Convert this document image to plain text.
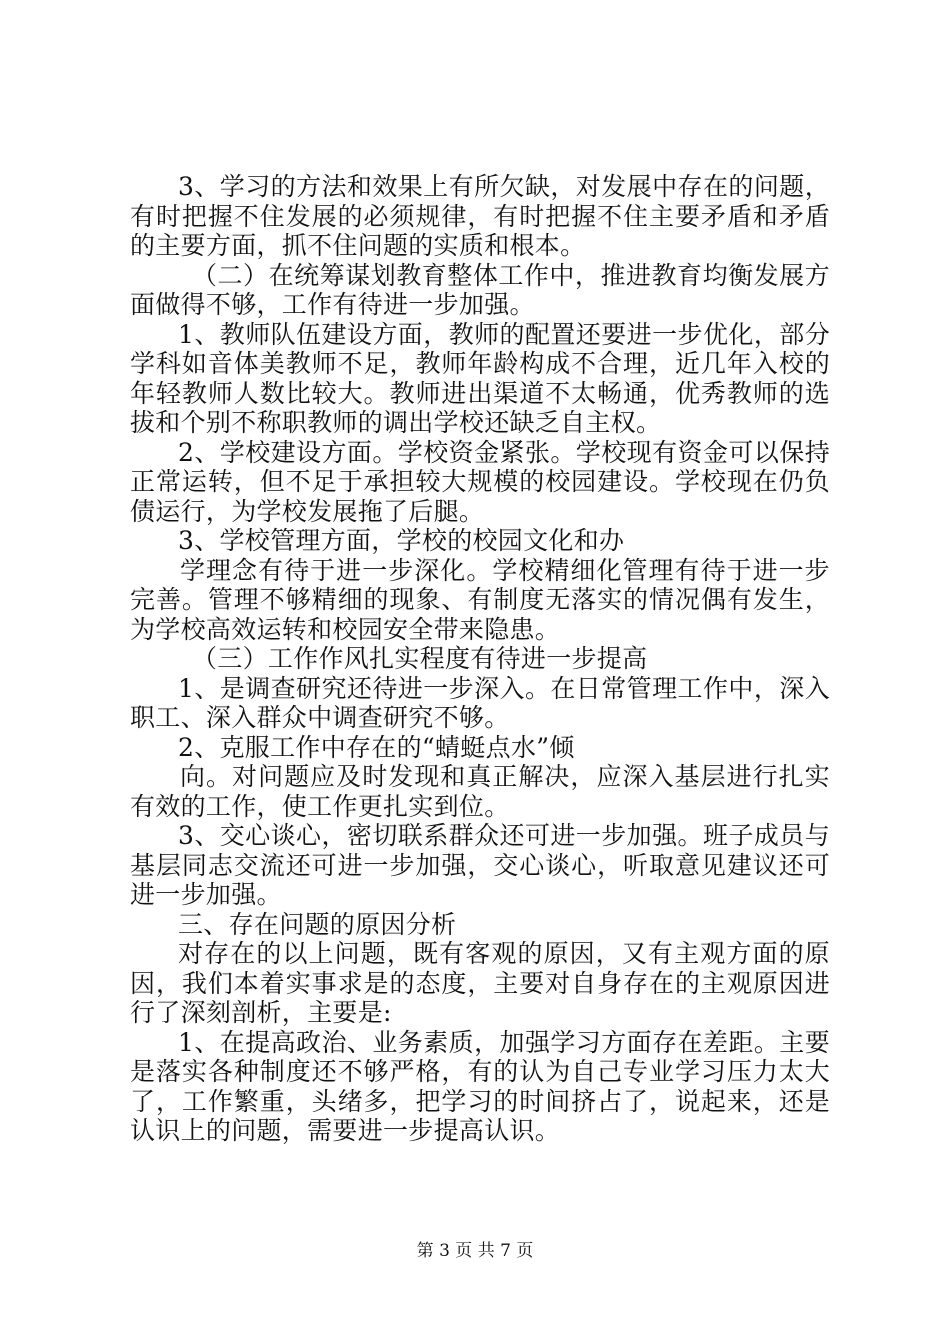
3、学习的方法和效果上有所欠缺，对发展中存在的问题，有时把握不住发展的必须规律，有时把握不住主要矛盾和矛盾的主要方面，抓不住问题的实质和根本。

（二）在统筹谋划教育整体工作中，推进教育均衡发展方面做得不够，工作有待进一步加强。

1、教师队伍建设方面，教师的配置还要进一步优化，部分学科如音体美教师不足，教师年龄构成不合理，近几年入校的年轻教师人数比较大。教师进出渠道不太畅通，优秀教师的选拔和个别不称职教师的调出学校还缺乏自主权。

2、学校建设方面。学校资金紧张。学校现有资金可以保持正常运转，但不足于承担较大规模的校园建设。学校现在仍负债运行，为学校发展拖了后腿。

3、学校管理方面，学校的校园文化和办

学理念有待于进一步深化。学校精细化管理有待于进一步完善。管理不够精细的现象、有制度无落实的情况偶有发生，为学校高效运转和校园安全带来隐患。

（三）工作作风扎实程度有待进一步提高

1、是调查研究还待进一步深入。在日常管理工作中，深入职工、深入群众中调查研究不够。

2、克服工作中存在的“蜻蜓点水”倾

向。对问题应及时发现和真正解决，应深入基层进行扎实有效的工作，使工作更扎实到位。

3、交心谈心，密切联系群众还可进一步加强。班子成员与基层同志交流还可进一步加强，交心谈心，听取意见建议还可进一步加强。

三、存在问题的原因分析

对存在的以上问题，既有客观的原因，又有主观方面的原因，我们本着实事求是的态度，主要对自身存在的主观原因进行了深刻剖析，主要是:

1、在提高政治、业务素质，加强学习方面存在差距。主要是落实各种制度还不够严格，有的认为自己专业学习压力太大了，工作繁重，头绪多，把学习的时间挤占了，说起来，还是认识上的问题，需要进一步提高认识。

第 3 页 共 7 页
